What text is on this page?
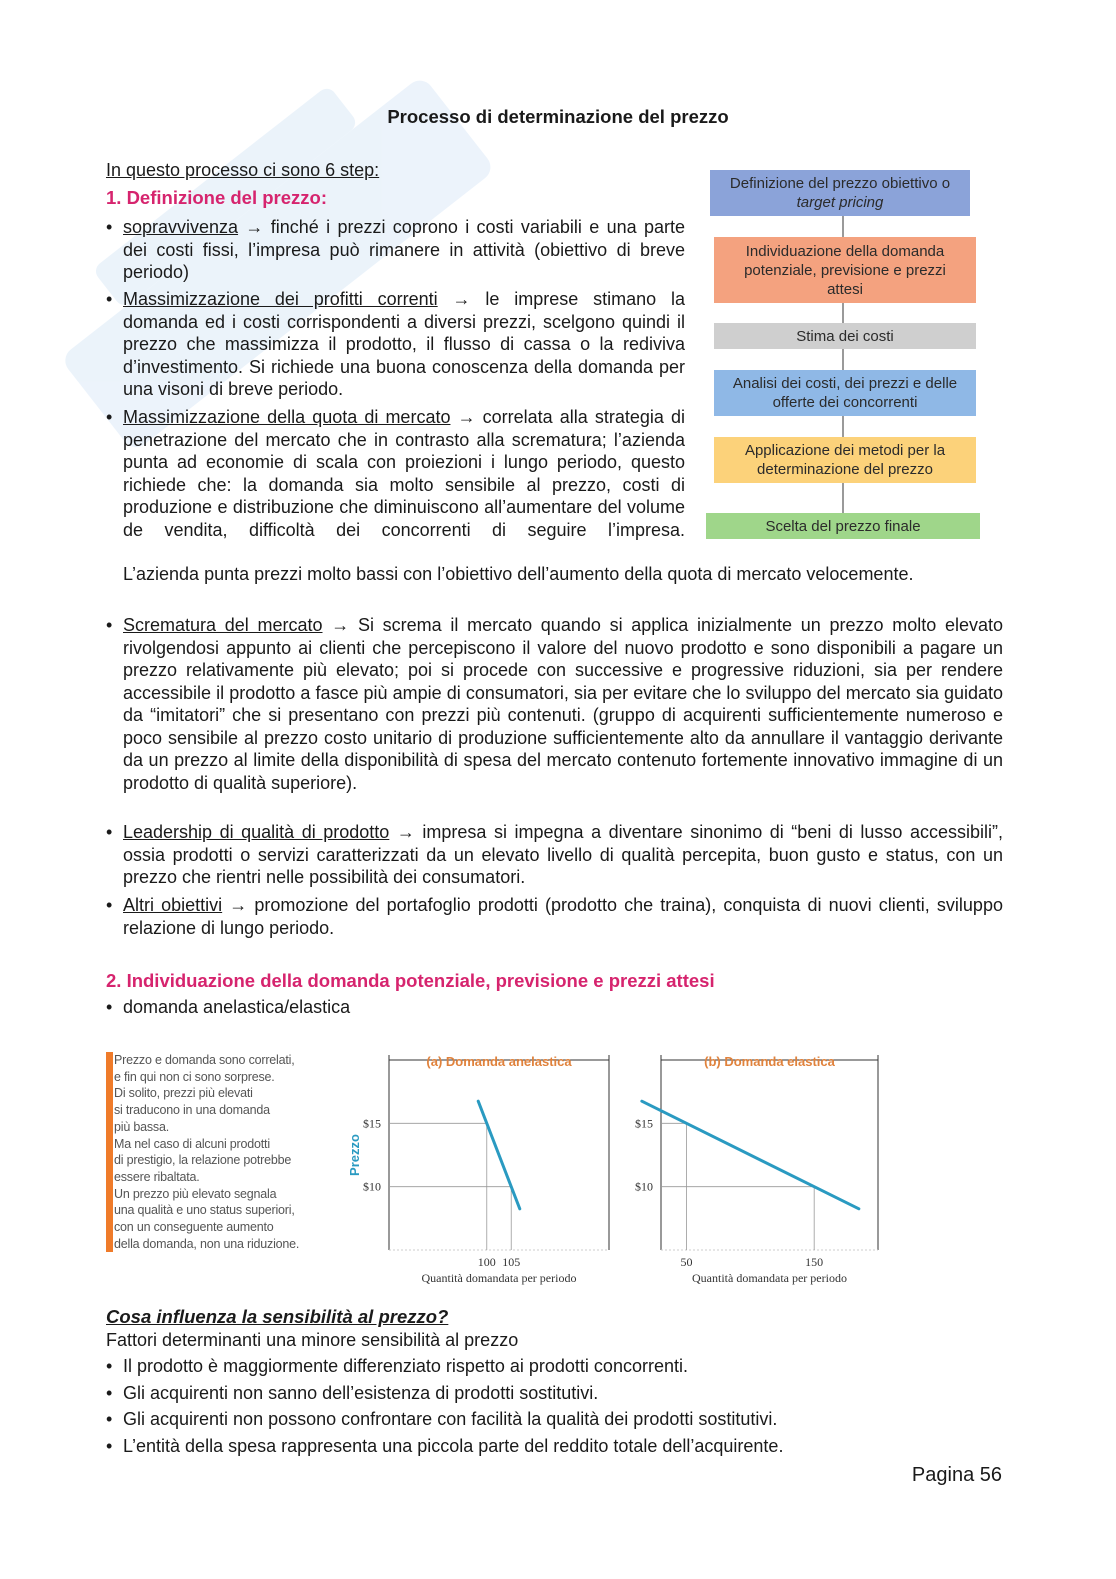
Processo di determinazione del prezzo
In questo processo ci sono 6 step:
1. Definizione del prezzo:
• sopravvivenza → finché i prezzi coprono i costi variabili e una parte dei costi fissi, l’impresa può rimanere in attività (obiettivo di breve periodo)
• Massimizzazione dei profitti correnti → le imprese stimano la domanda ed i costi corrispondenti a diversi prezzi, scelgono quindi il prezzo che massimizza il prodotto, il flusso di cassa o la rediviva d’investimento. Si richiede una buona conoscenza della domanda per una visoni di breve periodo.
• Massimizzazione della quota di mercato → correlata alla strategia di penetrazione del mercato che in contrasto alla scrematura; l’azienda punta ad economie di scala con proiezioni i lungo periodo, questo richiede che: la domanda sia molto sensibile al prezzo, costi di produzione e distribuzione che diminuiscono all’aumentare del volume de vendita, difficoltà dei concorrenti di seguire l’impresa.
L’azienda punta prezzi molto bassi con l’obiettivo dell’aumento della quota di mercato velocemente.
• Scrematura del mercato → Si screma il mercato quando si applica inizialmente un prezzo molto elevato rivolgendosi appunto ai clienti che percepiscono il valore del nuovo prodotto e sono disponibili a pagare un prezzo relativamente più elevato; poi si procede con successive e progressive riduzioni, sia per rendere accessibile il prodotto a fasce più ampie di consumatori, sia per evitare che lo sviluppo del mercato sia guidato da “imitatori” che si presentano con prezzi più contenuti. (gruppo di acquirenti sufficientemente numeroso e poco sensibile al prezzo costo unitario di produzione sufficientemente alto da annullare il vantaggio derivante da un prezzo al limite della disponibilità di spesa del mercato contenuto fortemente innovativo immagine di un prodotto di qualità superiore).
• Leadership di qualità di prodotto → impresa si impegna a diventare sinonimo di “beni di lusso accessibili”, ossia prodotti o servizi caratterizzati da un elevato livello di qualità percepita, buon gusto e status, con un prezzo che rientri nelle possibilità dei consumatori.
• Altri obiettivi → promozione del portafoglio prodotti (prodotto che traina), conquista di nuovi clienti, sviluppo relazione di lungo periodo.
Definizione del prezzo obiettivo o
target pricing
Individuazione della domanda potenziale, previsione e prezzi attesi
Stima dei costi
Analisi dei costi, dei prezzi e delle offerte dei concorrenti
Applicazione dei metodi per la determinazione del prezzo
Scelta del prezzo finale
2. Individuazione della domanda potenziale, previsione e prezzi attesi
• domanda anelastica/elastica
Prezzo e domanda sono correlati,
e fin qui non ci sono sorprese.
Di solito, prezzi più elevati
si traducono in una domanda
più bassa.
Ma nel caso di alcuni prodotti
di prestigio, la relazione potrebbe
essere ribaltata.
Un prezzo più elevato segnala
una qualità e uno status superiori,
con un conseguente aumento
della domanda, non una riduzione.
(a) Domanda anelastica
$15
$10
100 105
Quantità domandata per periodo
Prezzo
(b) Domanda elastica
$15
$10
50	150
Quantità domandata per periodo
Cosa influenza la sensibilità al prezzo?
Fattori determinanti una minore sensibilità al prezzo
• Il prodotto è maggiormente differenziato rispetto ai prodotti concorrenti.
• Gli acquirenti non sanno dell’esistenza di prodotti sostitutivi.
• Gli acquirenti non possono confrontare con facilità la qualità dei prodotti sostitutivi.
• L’entità della spesa rappresenta una piccola parte del reddito totale dell’acquirente.
Pagina 56
